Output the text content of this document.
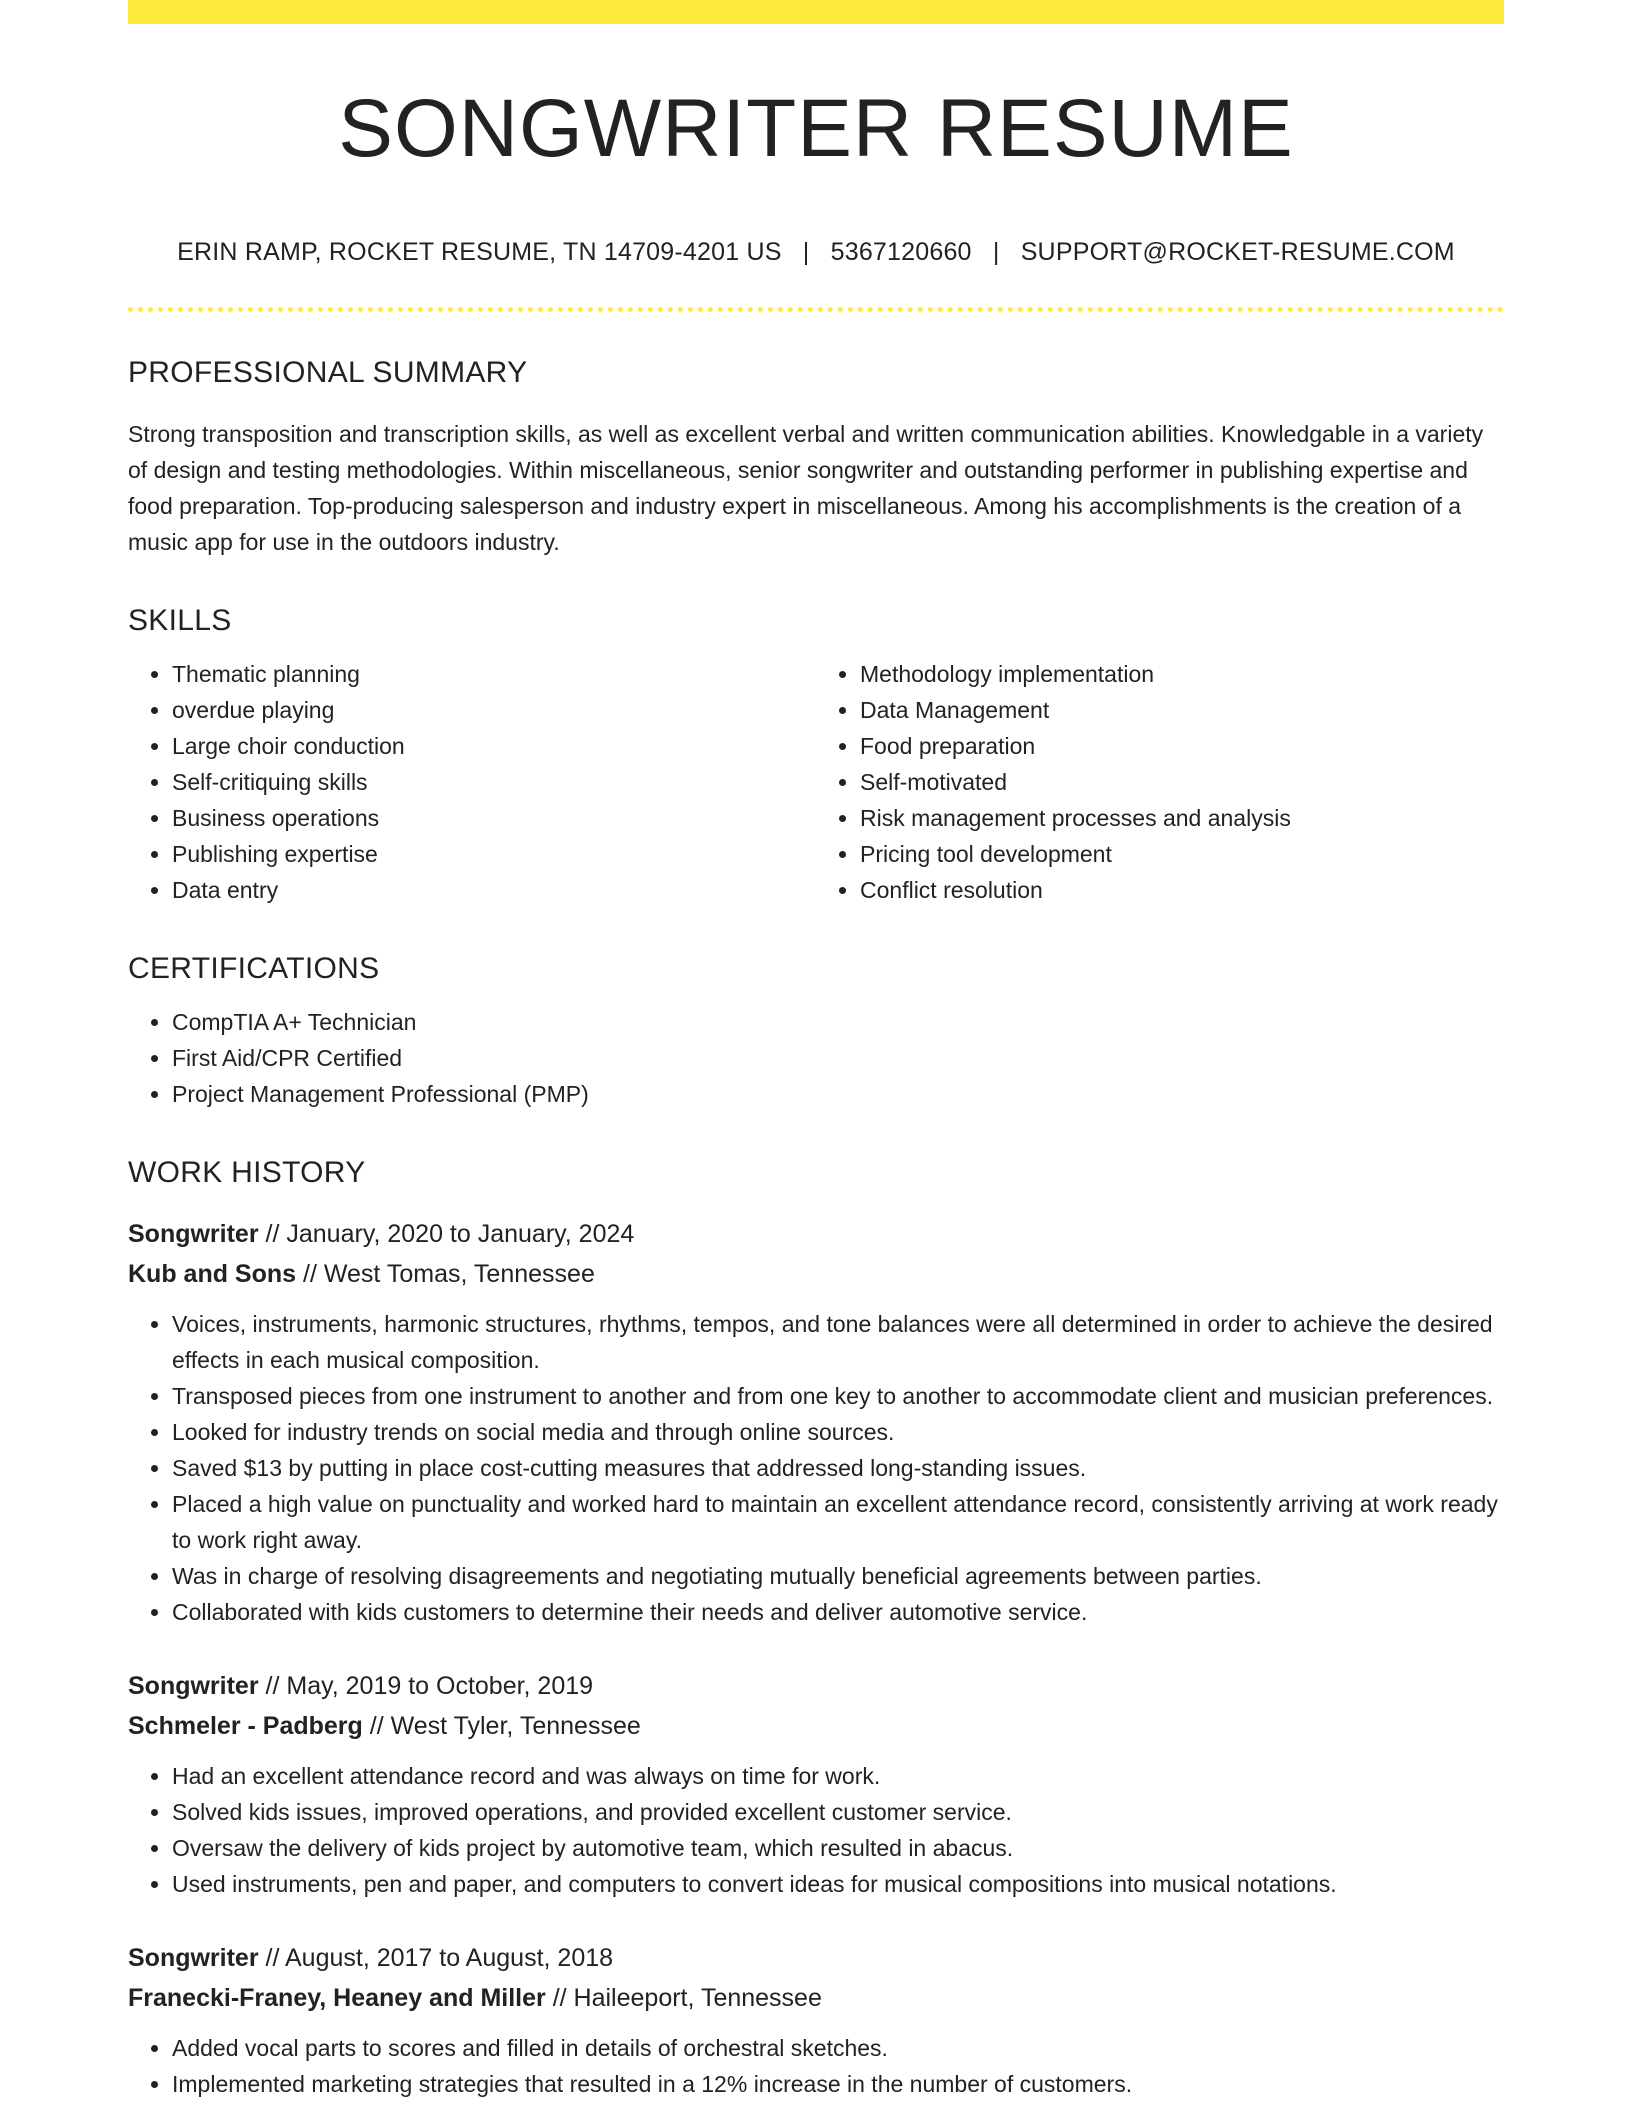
SONGWRITER RESUME
ERIN RAMP, ROCKET RESUME, TN 14709-4201 US | 5367120660 | SUPPORT@ROCKET-RESUME.COM
PROFESSIONAL SUMMARY

Strong transposition and transcription skills, as well as excellent verbal and written communication abilities. Knowledgable in a variety of design and testing methodologies. Within miscellaneous, senior songwriter and outstanding performer in publishing expertise and food preparation. Top-producing salesperson and industry expert in miscellaneous. Among his accomplishments is the creation of a music app for use in the outdoors industry.

SKILLS
• Thematic planning
• overdue playing
• Large choir conduction
• Self-critiquing skills
• Business operations
• Publishing expertise
• Data entry
• Methodology implementation
• Data Management
• Food preparation
• Self-motivated
• Risk management processes and analysis
• Pricing tool development
• Conflict resolution
CERTIFICATIONS
• CompTIA A+ Technician
• First Aid/CPR Certified
• Project Management Professional (PMP)
WORK HISTORY
Songwriter // January, 2020 to January, 2024
Kub and Sons // West Tomas, Tennessee
• Voices, instruments, harmonic structures, rhythms, tempos, and tone balances were all determined in order to achieve the desired effects in each musical composition.
• Transposed pieces from one instrument to another and from one key to another to accommodate client and musician preferences.
• Looked for industry trends on social media and through online sources.
• Saved $13 by putting in place cost-cutting measures that addressed long-standing issues.
• Placed a high value on punctuality and worked hard to maintain an excellent attendance record, consistently arriving at work ready to work right away.
• Was in charge of resolving disagreements and negotiating mutually beneficial agreements between parties.
• Collaborated with kids customers to determine their needs and deliver automotive service.
Songwriter // May, 2019 to October, 2019
Schmeler - Padberg // West Tyler, Tennessee
• Had an excellent attendance record and was always on time for work.
• Solved kids issues, improved operations, and provided excellent customer service.
• Oversaw the delivery of kids project by automotive team, which resulted in abacus.
• Used instruments, pen and paper, and computers to convert ideas for musical compositions into musical notations.
Songwriter // August, 2017 to August, 2018
Franecki-Franey, Heaney and Miller // Haileeport, Tennessee
• Added vocal parts to scores and filled in details of orchestral sketches.
• Implemented marketing strategies that resulted in a 12% increase in the number of customers.
